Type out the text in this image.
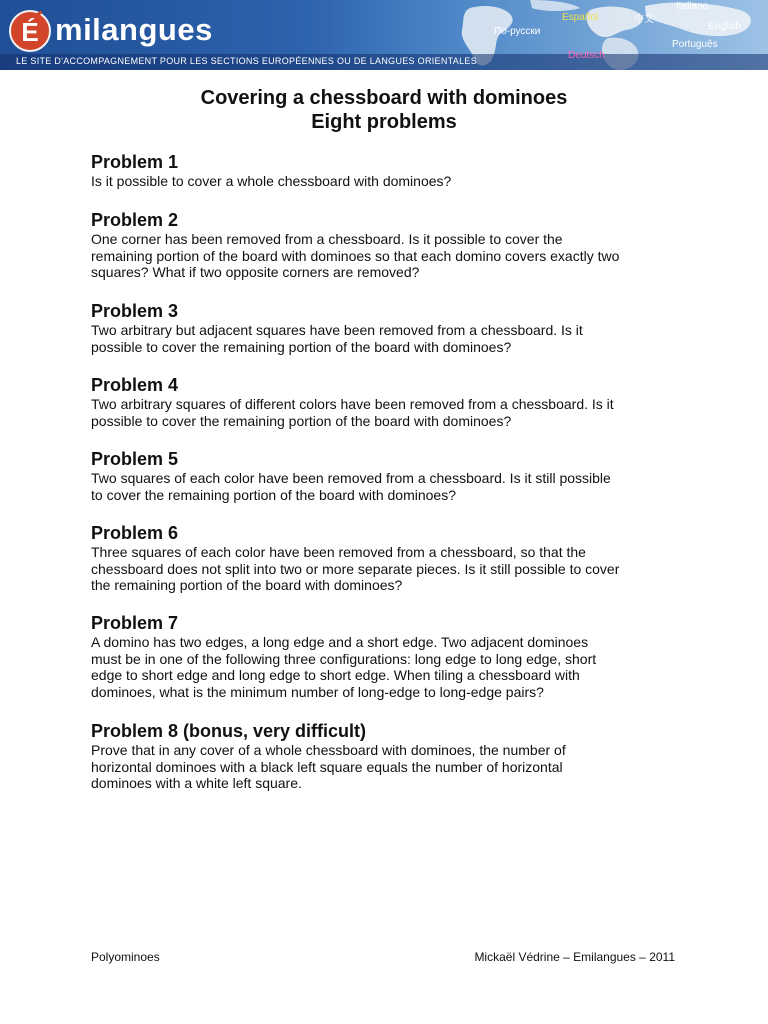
É milangues
LE SITE D'ACCOMPAGNEMENT POUR LES SECTIONS EUROPÉENNES OU DE LANGUES ORIENTALES
Italiano
Español	中文
English
По-русски
Português
Deutsch
Covering a chessboard with dominoes
Eight problems
Problem 1

Is it possible to cover a whole chessboard with dominoes?

Problem 2

One corner has been removed from a chessboard. Is it possible to cover the
remaining portion of the board with dominoes so that each domino covers exactly two
squares? What if two opposite corners are removed?

Problem 3

Two arbitrary but adjacent squares have been removed from a chessboard. Is it
possible to cover the remaining portion of the board with dominoes?

Problem 4

Two arbitrary squares of different colors have been removed from a chessboard. Is it
possible to cover the remaining portion of the board with dominoes?

Problem 5

Two squares of each color have been removed from a chessboard. Is it still possible
to cover the remaining portion of the board with dominoes?

Problem 6

Three squares of each color have been removed from a chessboard, so that the
chessboard does not split into two or more separate pieces. Is it still possible to cover
the remaining portion of the board with dominoes?

Problem 7

A domino has two edges, a long edge and a short edge. Two adjacent dominoes
must be in one of the following three configurations: long edge to long edge, short
edge to short edge and long edge to short edge. When tiling a chessboard with
dominoes, what is the minimum number of long-edge to long-edge pairs?

Problem 8 (bonus, very difficult)

Prove that in any cover of a whole chessboard with dominoes, the number of
horizontal dominoes with a black left square equals the number of horizontal
dominoes with a white left square.

Polyominoes	Mickaël Védrine – Emilangues – 2011
